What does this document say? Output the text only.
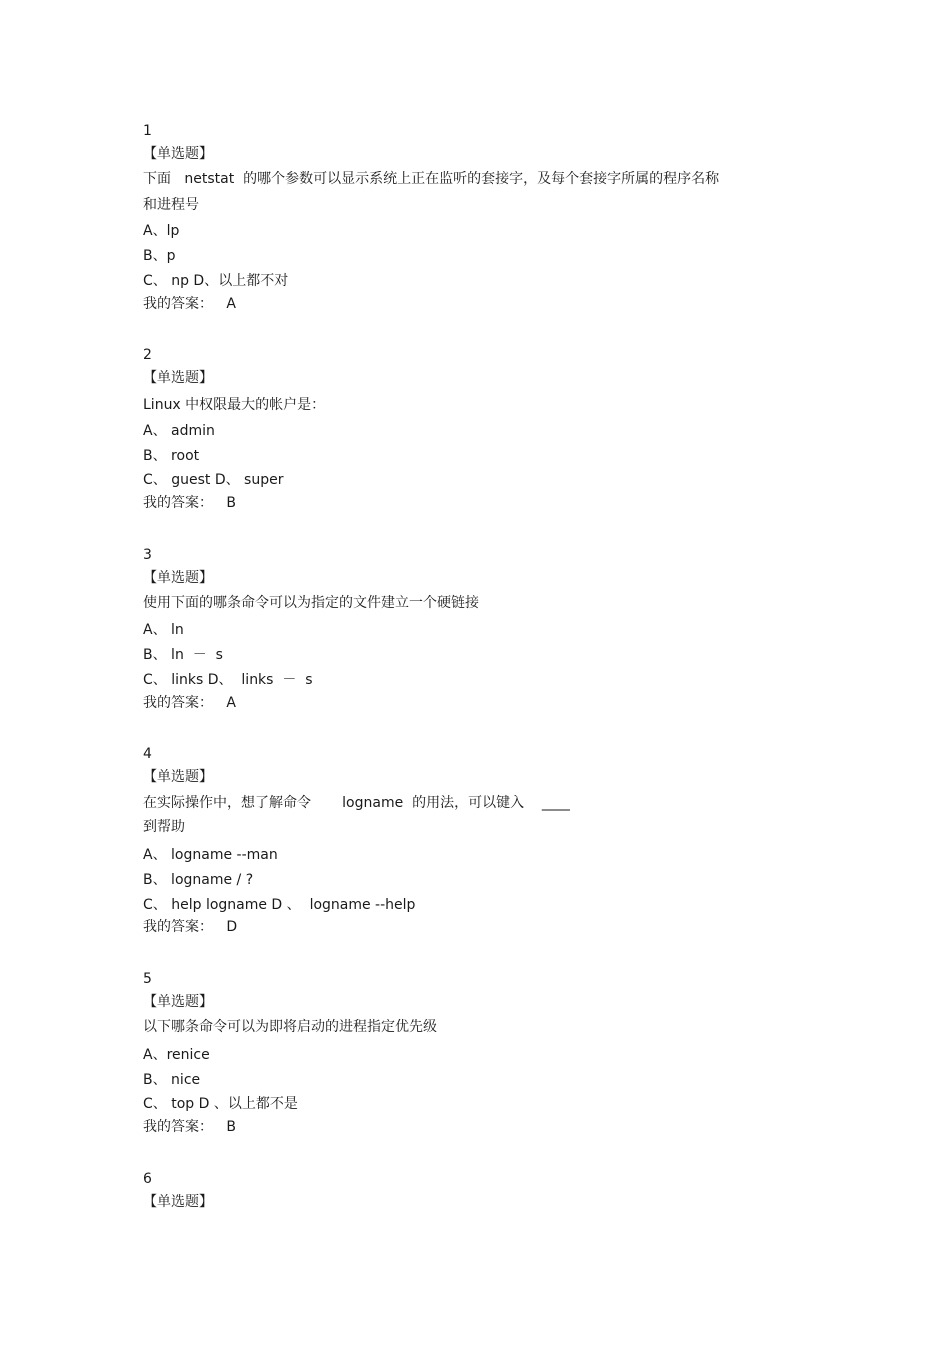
1
【单选题】
下面   netstat  的哪个参数可以显示系统上正在监听的套接字，及每个套接字所属的程序名称
和进程号
A、lp
B、p
C、 np D、以上都不对
我的答案：   A
2
【单选题】
Linux 中权限最大的帐户是：
A、 admin
B、 root
C、 guest D、 super
我的答案：   B
3
【单选题】
使用下面的哪条命令可以为指定的文件建立一个硬链接
A、 ln
B、 ln  －  s
C、 links D、  links  －  s
我的答案：   A
4
【单选题】
在实际操作中，想了解命令       logname  的用法，可以键入    ____
到帮助
A、 logname --man
B、 logname / ?
C、 help logname D 、  logname --help
我的答案：   D
5
【单选题】
以下哪条命令可以为即将启动的进程指定优先级
A、renice
B、 nice
C、 top D 、以上都不是
我的答案：   B
6
【单选题】
